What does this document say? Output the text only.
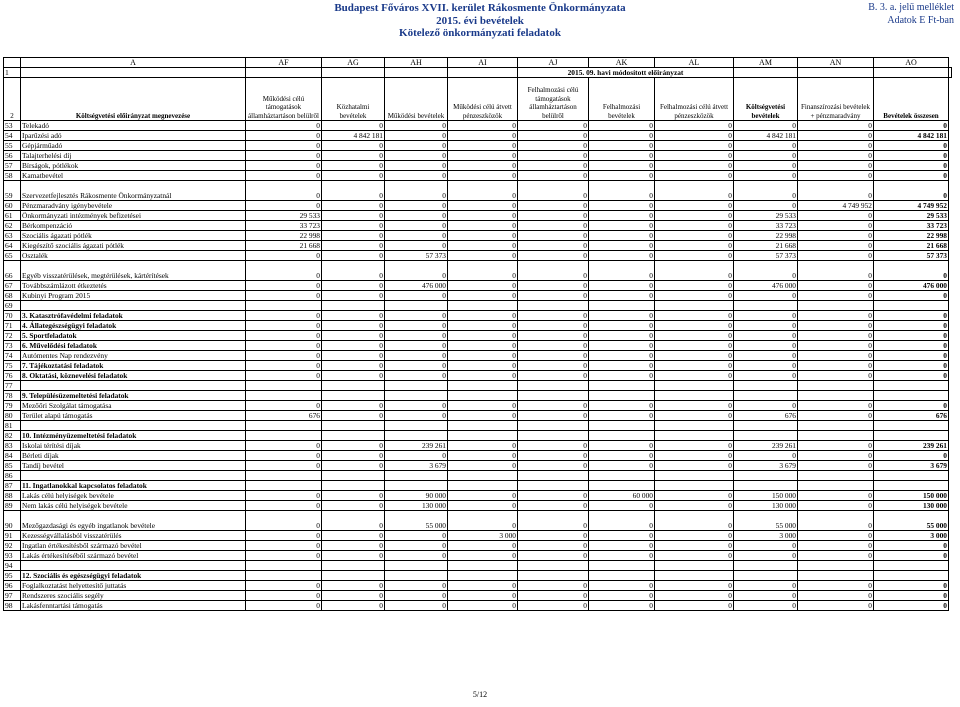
Budapest Főváros XVII. kerület Rákosmente Önkormányzata
2015. évi bevételek
Kötelező önkormányzati feladatok
B. 3. a. jelű melléklet
Adatok E Ft-ban
	A	AF	AG	AH	AI	AJ	AK	AL	AM	AN	AO	
1						2015. 09. havi módosított előirányzat						
2	Költségvetési előirányzat megnevezése	Működési célú támogatások államháztartáson belülről	Közhatalmi bevételek	Működési bevételek	Működési célú átvett pénzeszközök	Felhalmozási célú támogatások államháztartáson belülről	Felhalmozási bevételek	Felhalmozási célú átvett pénzeszközök	Költségvetési bevételek	Finanszírozási bevételek + pénzmaradvány	Bevételek összesen	
53	Telekadó	0	0	0	0	0	0	0	0	0	0	
54	Iparűzési adó	0	4 842 181	0	0	0	0	0	4 842 181	0	4 842 181	
55	Gépjárműadó	0	0	0	0	0	0	0	0	0	0	
56	Talajterhelési díj	0	0	0	0	0	0	0	0	0	0	
57	Bírságok, pótlékok	0	0	0	0	0	0	0	0	0	0	
58	Kamatbevétel	0	0	0	0	0	0	0	0	0	0	
59	Szervezetfejlesztés Rákosmente Önkormányzatnál	0	0	0	0	0	0	0	0	0	0	
60	Pénzmaradvány igénybevétele	0	0	0	0	0	0	0	0	4 749 952	4 749 952	
61	Önkormányzati intézmények befizetései	29 533	0	0	0	0	0	0	29 533	0	29 533	
62	Bérkompenzáció	33 723	0	0	0	0	0	0	33 723	0	33 723	
63	Szociális ágazati pótlék	22 998	0	0	0	0	0	0	22 998	0	22 998	
64	Kiegészítő szociális ágazati pótlék	21 668	0	0	0	0	0	0	21 668	0	21 668	
65	Osztalék	0	0	57 373	0	0	0	0	57 373	0	57 373	
66	Egyéb visszatérülések, megtérülések, kártérítések	0	0	0	0	0	0	0	0	0	0	
67	Továbbszámlázott étkeztetés	0	0	476 000	0	0	0	0	476 000	0	476 000	
68	Kubinyi Program 2015	0	0	0	0	0	0	0	0	0	0	
69												
70	3. Katasztrófavédelmi feladatok	0	0	0	0	0	0	0	0	0	0	
71	4. Állategészségügyi feladatok	0	0	0	0	0	0	0	0	0	0	
72	5. Sportfeladatok	0	0	0	0	0	0	0	0	0	0	
73	6. Művelődési feladatok	0	0	0	0	0	0	0	0	0	0	
74	Autómentes Nap rendezvény	0	0	0	0	0	0	0	0	0	0	
75	7. Tájékoztatási feladatok	0	0	0	0	0	0	0	0	0	0	
76	8. Oktatási, köznevelési feladatok	0	0	0	0	0	0	0	0	0	0	
77												
78	9. Településüzemeltetési feladatok											
79	Mezőőri Szolgálat támogatása	0	0	0	0	0	0	0	0	0	0	
80	Terület alapú támogatás	676	0	0	0	0	0	0	676	0	676	
81												
82	10. Intézményüzemeltetési feladatok											
83	Iskolai térítési díjak	0	0	239 261	0	0	0	0	239 261	0	239 261	
84	Bérleti díjak	0	0	0	0	0	0	0	0	0	0	
85	Tandíj bevétel	0	0	3 679	0	0	0	0	3 679	0	3 679	
86												
87	11. Ingatlanokkal kapcsolatos feladatok											
88	Lakás célú helyiségek bevétele	0	0	90 000	0	0	60 000	0	150 000	0	150 000	
89	Nem lakás célú helyiségek bevétele	0	0	130 000	0	0	0	0	130 000	0	130 000	
90	Mezőgazdasági és egyéb ingatlanok bevétele	0	0	55 000	0	0	0	0	55 000	0	55 000	
91	Kezességvállalásból visszatérülés	0	0	0	3 000	0	0	0	3 000	0	3 000	
92	Ingatlan értékesítésből származó bevétel	0	0	0	0	0	0	0	0	0	0	
93	Lakás értékesítéséből származó bevétel	0	0	0	0	0	0	0	0	0	0	
94												
95	12. Szociális és egészségügyi feladatok											
96	Foglalkoztatást helyettesítő juttatás	0	0	0	0	0	0	0	0	0	0	
97	Rendszeres szociális segély	0	0	0	0	0	0	0	0	0	0	
98	Lakásfenntartási támogatás	0	0	0	0	0	0	0	0	0	0	
5/12
